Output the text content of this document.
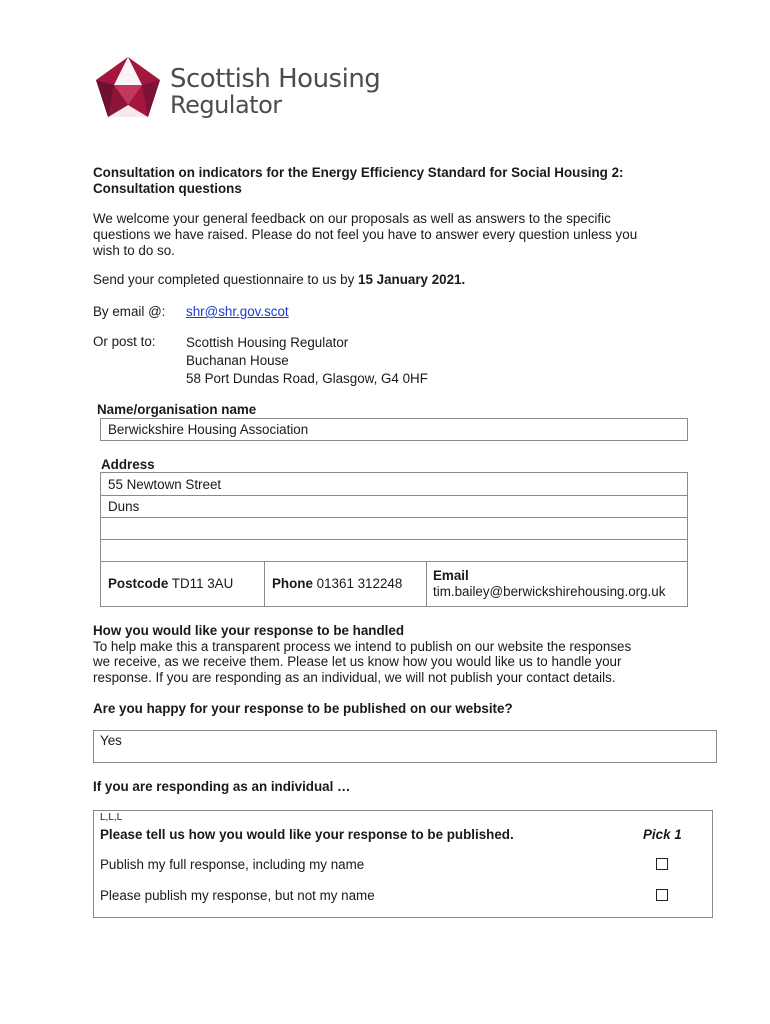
Scottish Housing
Regulator
Consultation on indicators for the Energy Efficiency Standard for Social Housing 2:
Consultation questions
We welcome your general feedback on our proposals as well as answers to the specific
questions we have raised. Please do not feel you have to answer every question unless you
wish to do so.
Send your completed questionnaire to us by 15 January 2021.
By email @: shr@shr.gov.scot
Or post to: Scottish Housing Regulator
Buchanan House
58 Port Dundas Road, Glasgow, G4 0HF
Name/organisation name
Berwickshire Housing Association
Address
55 Newtown Street
Duns
Postcode TD11 3AU	Phone 01361 312248
Email
tim.bailey@berwickshirehousing.org.uk
How you would like your response to be handled
To help make this a transparent process we intend to publish on our website the responses
we receive, as we receive them. Please let us know how you would like us to handle your
response. If you are responding as an individual, we will not publish your contact details.
Are you happy for your response to be published on our website?
Yes
If you are responding as an individual …
L,L,L
Please tell us how you would like your response to be published.	Pick 1
Publish my full response, including my name
Please publish my response, but not my name
